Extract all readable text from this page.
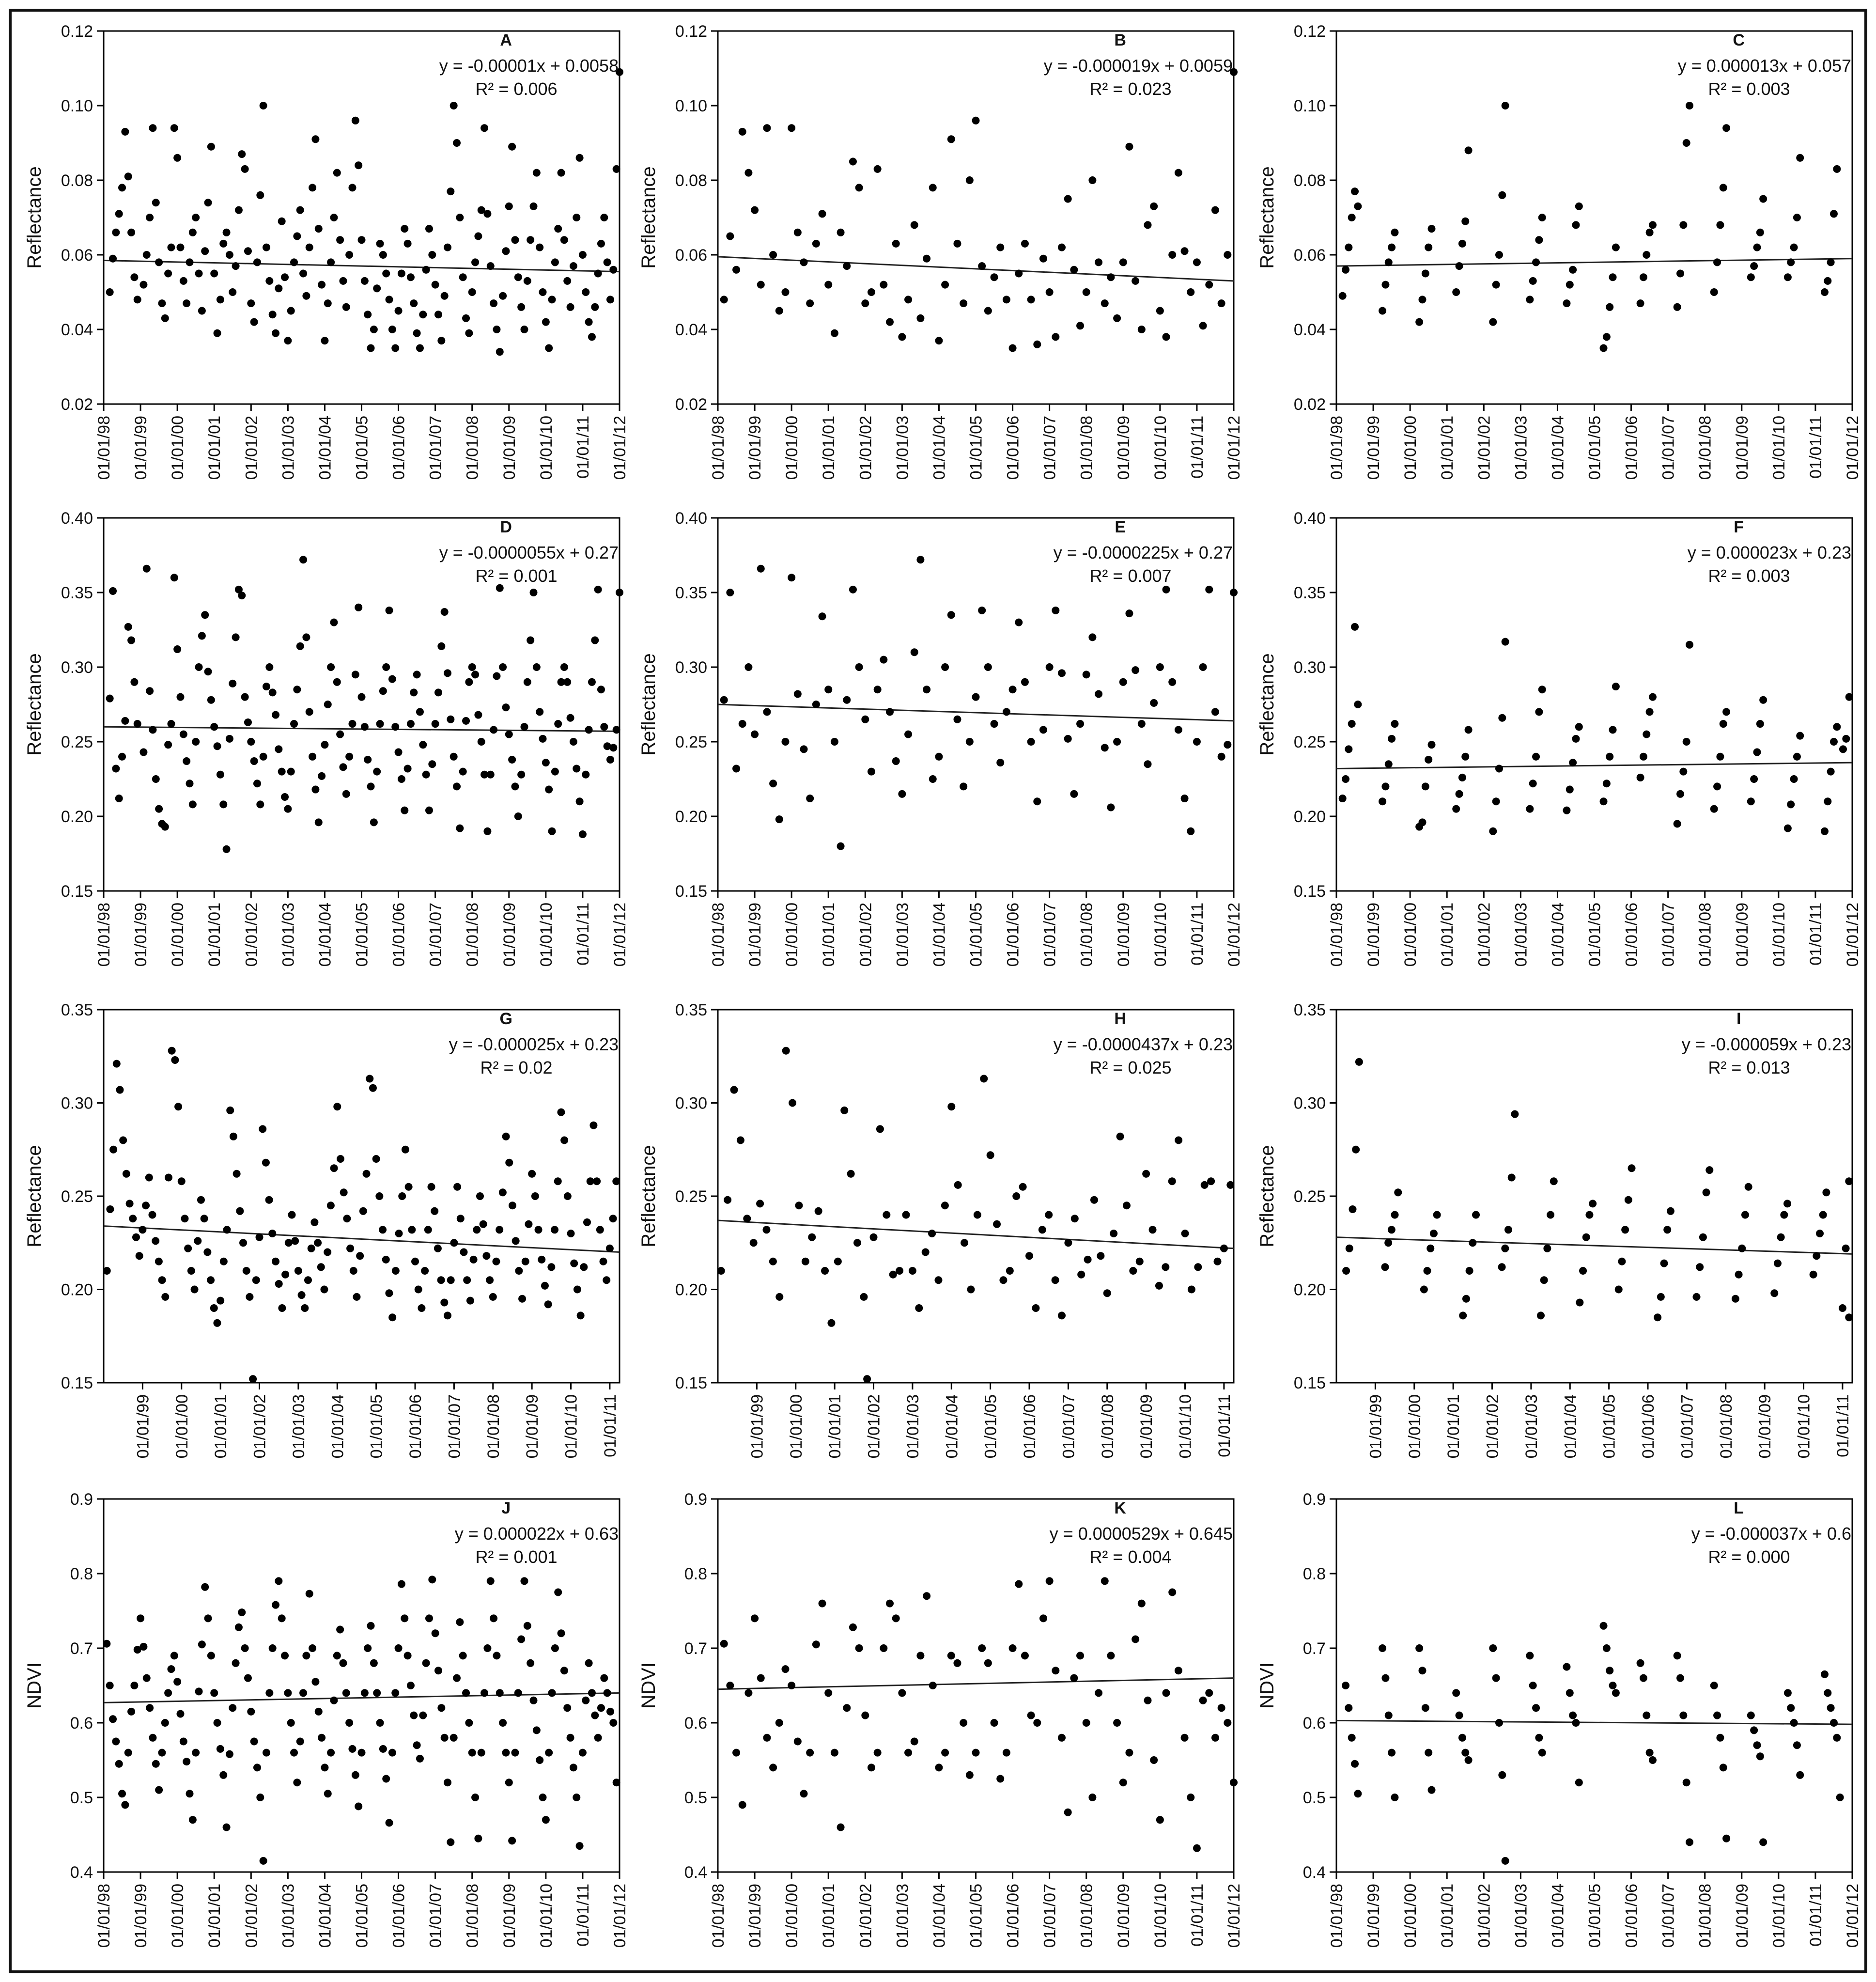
0.02
0.04
0.06
0.08
0.10
0.12
Reflectance
01/01/98 01/01/99 01/01/00 01/01/01 01/01/02 01/01/03 01/01/04 01/01/05 01/01/06 01/01/07 01/01/08 01/01/09 01/01/10 01/01/11 01/01/12
A
y = -0.00001x + 0.0058
R² = 0.006
0.02
0.04
0.06
0.08
0.10
0.12
Reflectance
01/01/98 01/01/99 01/01/00 01/01/01 01/01/02 01/01/03 01/01/04 01/01/05 01/01/06 01/01/07 01/01/08 01/01/09 01/01/10 01/01/11 01/01/12
B
y = -0.000019x + 0.0059
R² = 0.023
0.02
0.04
0.06
0.08
0.10
0.12
Reflectance
01/01/98 01/01/99 01/01/00 01/01/01 01/01/02 01/01/03 01/01/04 01/01/05 01/01/06 01/01/07 01/01/08 01/01/09 01/01/10 01/01/11 01/01/12
C
y = 0.000013x + 0.057
R² = 0.003
0.15
0.20
0.25
0.30
0.35
0.40
Reflectance
01/01/98 01/01/99 01/01/00 01/01/01 01/01/02 01/01/03 01/01/04 01/01/05 01/01/06 01/01/07 01/01/08 01/01/09 01/01/10 01/01/11 01/01/12
D
y = -0.0000055x + 0.27
R² = 0.001
0.15
0.20
0.25
0.30
0.35
0.40
Reflectance
01/01/98 01/01/99 01/01/00 01/01/01 01/01/02 01/01/03 01/01/04 01/01/05 01/01/06 01/01/07 01/01/08 01/01/09 01/01/10 01/01/11 01/01/12
E
y = -0.0000225x + 0.27
R² = 0.007
0.15
0.20
0.25
0.30
0.35
0.40
Reflectance
01/01/98 01/01/99 01/01/00 01/01/01 01/01/02 01/01/03 01/01/04 01/01/05 01/01/06 01/01/07 01/01/08 01/01/09 01/01/10 01/01/11 01/01/12
F
y = 0.000023x + 0.23
R² = 0.003
0.15
0.20
0.25
0.30
0.35
Reflectance
01/01/99 01/01/00 01/01/01 01/01/02 01/01/03 01/01/04 01/01/05 01/01/06 01/01/07 01/01/08 01/01/09 01/01/10 01/01/11
G
y = -0.000025x + 0.23
R² = 0.02
0.15
0.20
0.25
0.30
0.35
Reflectance
01/01/99 01/01/00 01/01/01 01/01/02 01/01/03 01/01/04 01/01/05 01/01/06 01/01/07 01/01/08 01/01/09 01/01/10 01/01/11
H
y = -0.0000437x + 0.23
R² = 0.025
0.15
0.20
0.25
0.30
0.35
Reflectance
01/01/99 01/01/00 01/01/01 01/01/02 01/01/03 01/01/04 01/01/05 01/01/06 01/01/07 01/01/08 01/01/09 01/01/10 01/01/11
I
y = -0.000059x + 0.23
R² = 0.013
0.4
0.5
0.6
0.7
0.8
0.9
NDVI
01/01/98 01/01/99 01/01/00 01/01/01 01/01/02 01/01/03 01/01/04 01/01/05 01/01/06 01/01/07 01/01/08 01/01/09 01/01/10 01/01/11 01/01/12
J
y = 0.000022x + 0.63
R² = 0.001
0.4
0.5
0.6
0.7
0.8
0.9
NDVI
01/01/98 01/01/99 01/01/00 01/01/01 01/01/02 01/01/03 01/01/04 01/01/05 01/01/06 01/01/07 01/01/08 01/01/09 01/01/10 01/01/11 01/01/12
K
y = 0.0000529x + 0.645
R² = 0.004
0.4
0.5
0.6
0.7
0.8
0.9
NDVI
01/01/98 01/01/99 01/01/00 01/01/01 01/01/02 01/01/03 01/01/04 01/01/05 01/01/06 01/01/07 01/01/08 01/01/09 01/01/10 01/01/11 01/01/12
L
y = -0.000037x + 0.6
R² = 0.000
